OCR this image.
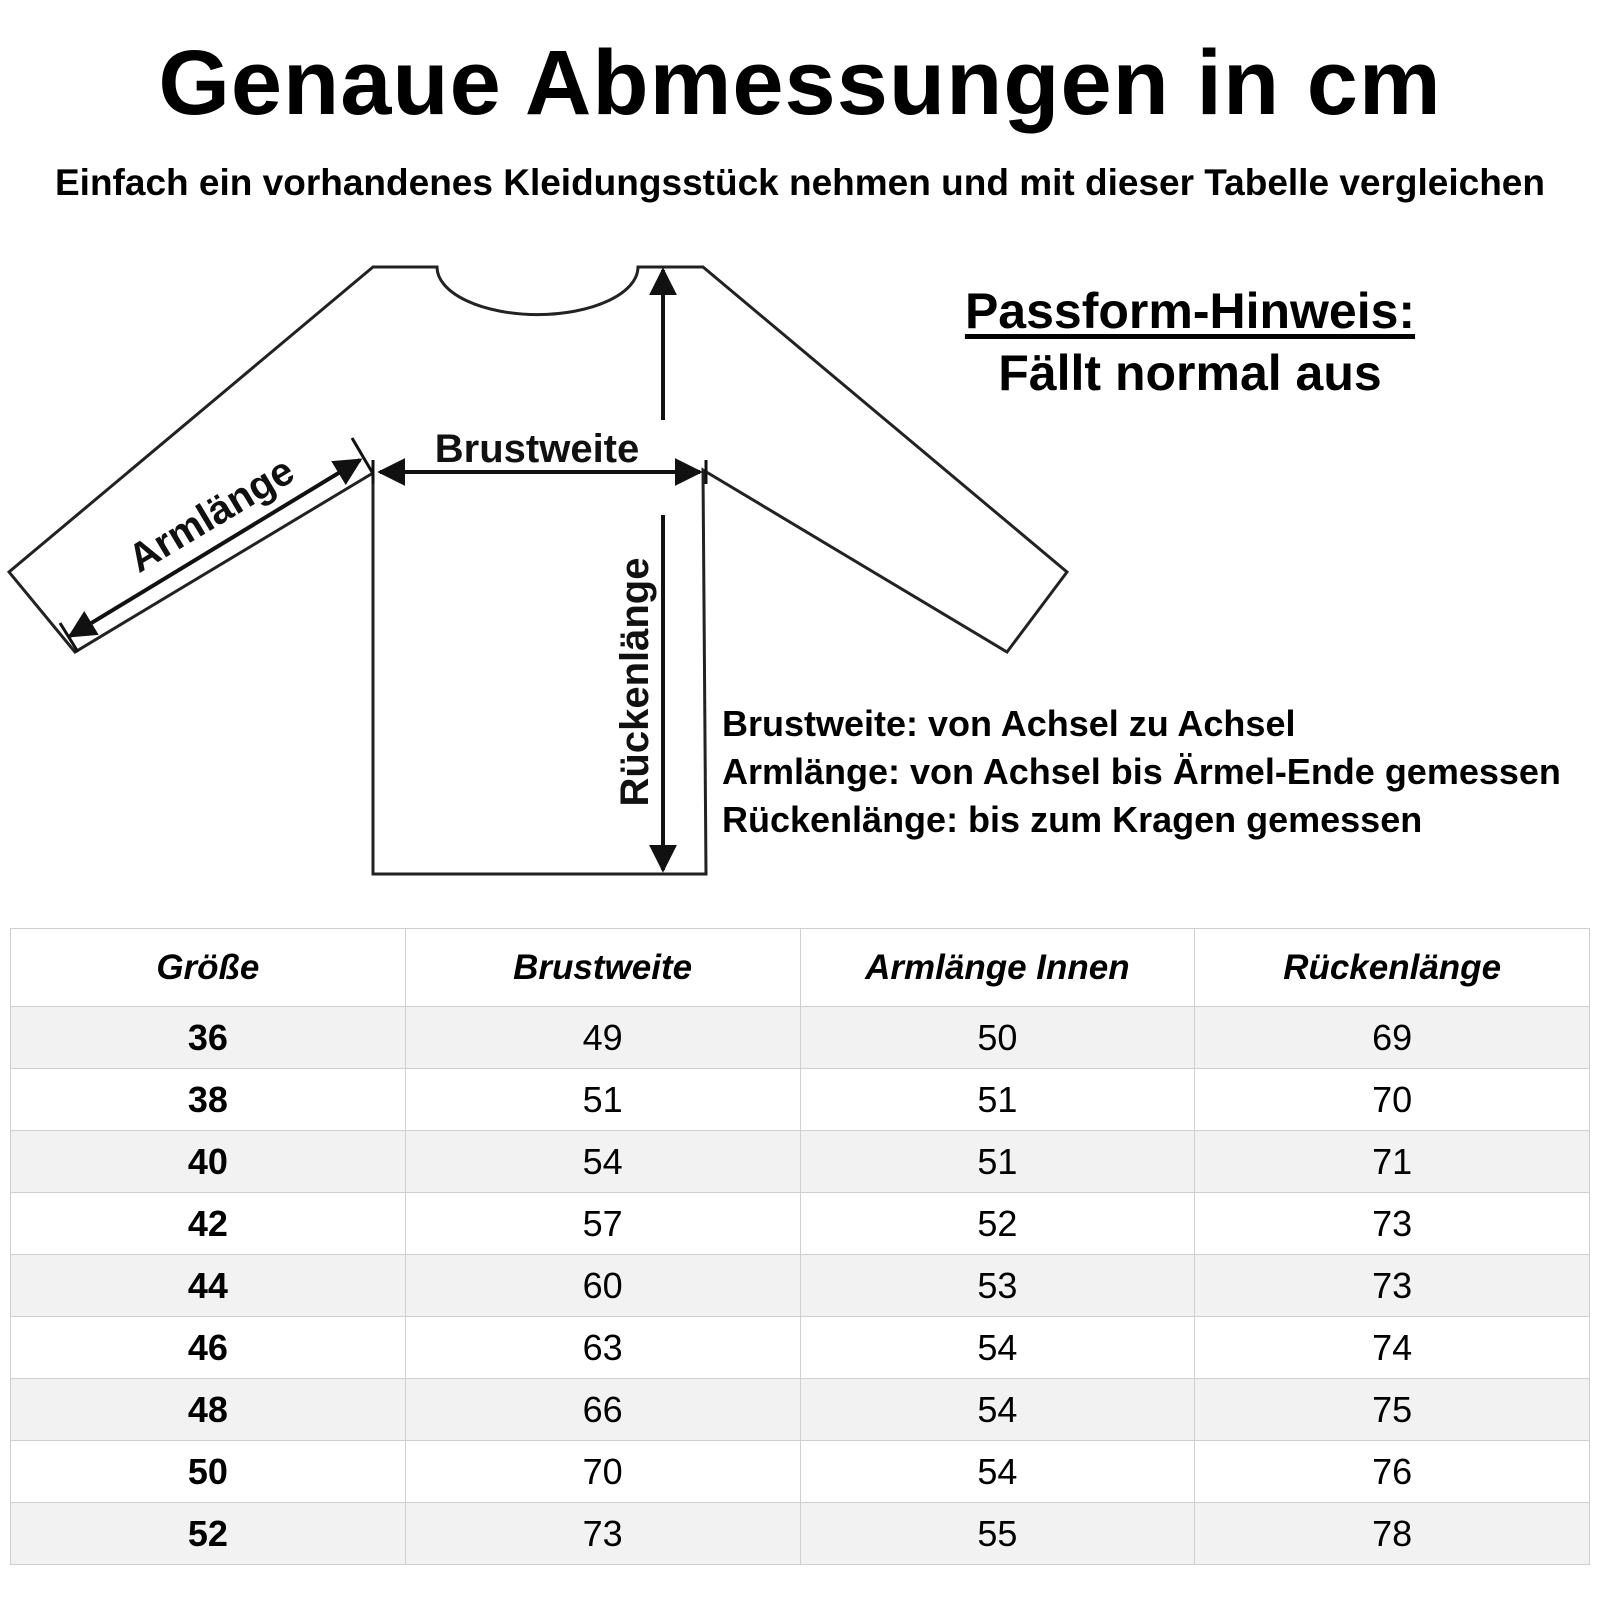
Genaue Abmessungen in cm
Einfach ein vorhandenes Kleidungsstück nehmen und mit dieser Tabelle vergleichen
Brustweite
Armlänge
Rückenlänge
Passform-Hinweis:
Fällt normal aus
Brustweite: von Achsel zu Achsel
Armlänge: von Achsel bis Ärmel-Ende gemessen
Rückenlänge: bis zum Kragen gemessen
Größe	Brustweite	Armlänge Innen	Rückenlänge
36	49	50	69
38	51	51	70
40	54	51	71
42	57	52	73
44	60	53	73
46	63	54	74
48	66	54	75
50	70	54	76
52	73	55	78
